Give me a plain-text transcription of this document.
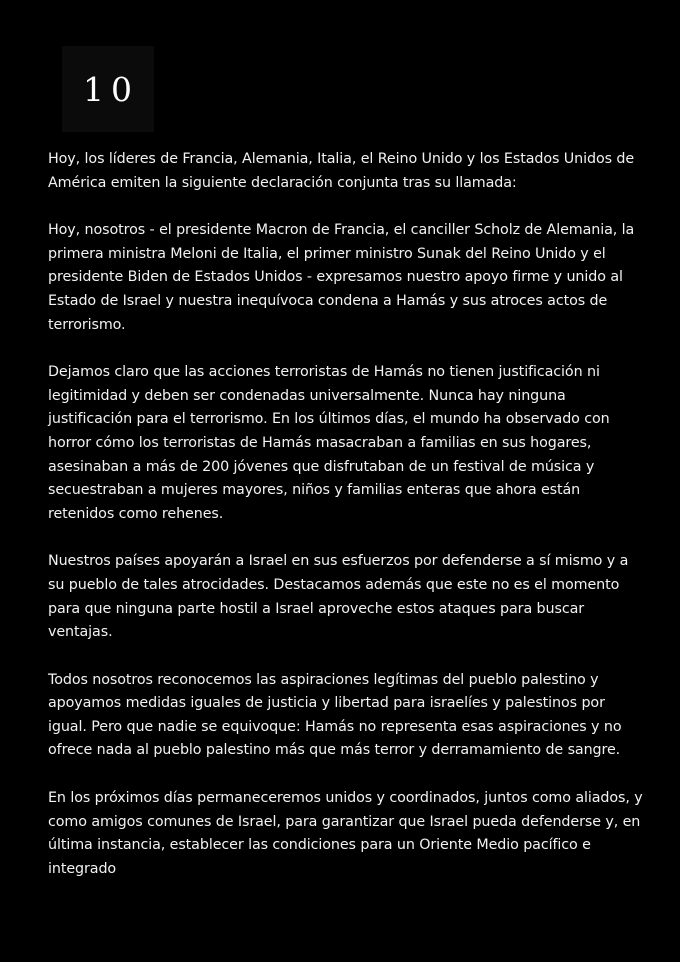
10

Hoy, los líderes de Francia, Alemania, Italia, el Reino Unido y los Estados Unidos de América emiten la siguiente declaración conjunta tras su llamada:

Hoy, nosotros - el presidente Macron de Francia, el canciller Scholz de Alemania, la primera ministra Meloni de Italia, el primer ministro Sunak del Reino Unido y el presidente Biden de Estados Unidos - expresamos nuestro apoyo firme y unido al Estado de Israel y nuestra inequívoca condena a Hamás y sus atroces actos de terrorismo.

Dejamos claro que las acciones terroristas de Hamás no tienen justificación ni legitimidad y deben ser condenadas universalmente. Nunca hay ninguna justificación para el terrorismo. En los últimos días, el mundo ha observado con horror cómo los terroristas de Hamás masacraban a familias en sus hogares, asesinaban a más de 200 jóvenes que disfrutaban de un festival de música y secuestraban a mujeres mayores, niños y familias enteras que ahora están retenidos como rehenes.

Nuestros países apoyarán a Israel en sus esfuerzos por defenderse a sí mismo y a su pueblo de tales atrocidades. Destacamos además que este no es el momento para que ninguna parte hostil a Israel aproveche estos ataques para buscar ventajas.

Todos nosotros reconocemos las aspiraciones legítimas del pueblo palestino y apoyamos medidas iguales de justicia y libertad para israelíes y palestinos por igual. Pero que nadie se equivoque: Hamás no representa esas aspiraciones y no ofrece nada al pueblo palestino más que más terror y derramamiento de sangre.

En los próximos días permaneceremos unidos y coordinados, juntos como aliados, y como amigos comunes de Israel, para garantizar que Israel pueda defenderse y, en última instancia, establecer las condiciones para un Oriente Medio pacífico e integrado
